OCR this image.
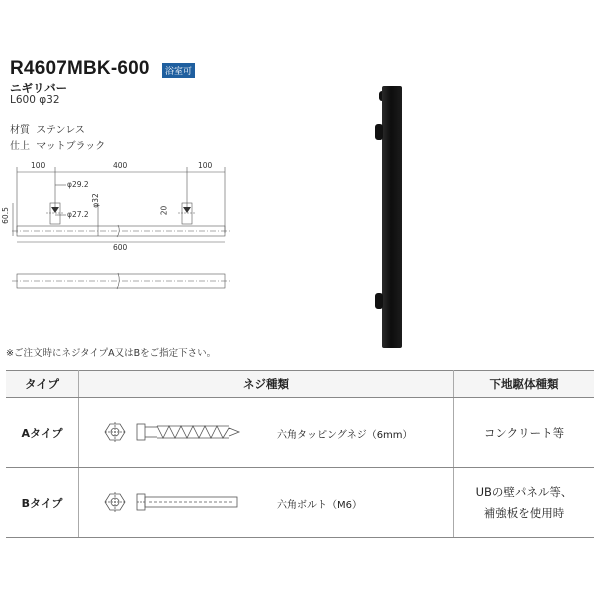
R4607MBK-600	浴室可
ニギリバー
L600 φ32
材質 ステンレス
仕上 マットブラック
100	400	100
φ29.2
φ27.2
φ32
20
60.5
600
※ご注文時にネジタイプA又はBをご指定下さい。
タイプ	ネジ種類	下地駆体種類
Aタイプ	六角タッピングネジ（6mm）	コンクリート等
Bタイプ	六角ボルト（M6）	UBの壁パネル等、
補強板を使用時
